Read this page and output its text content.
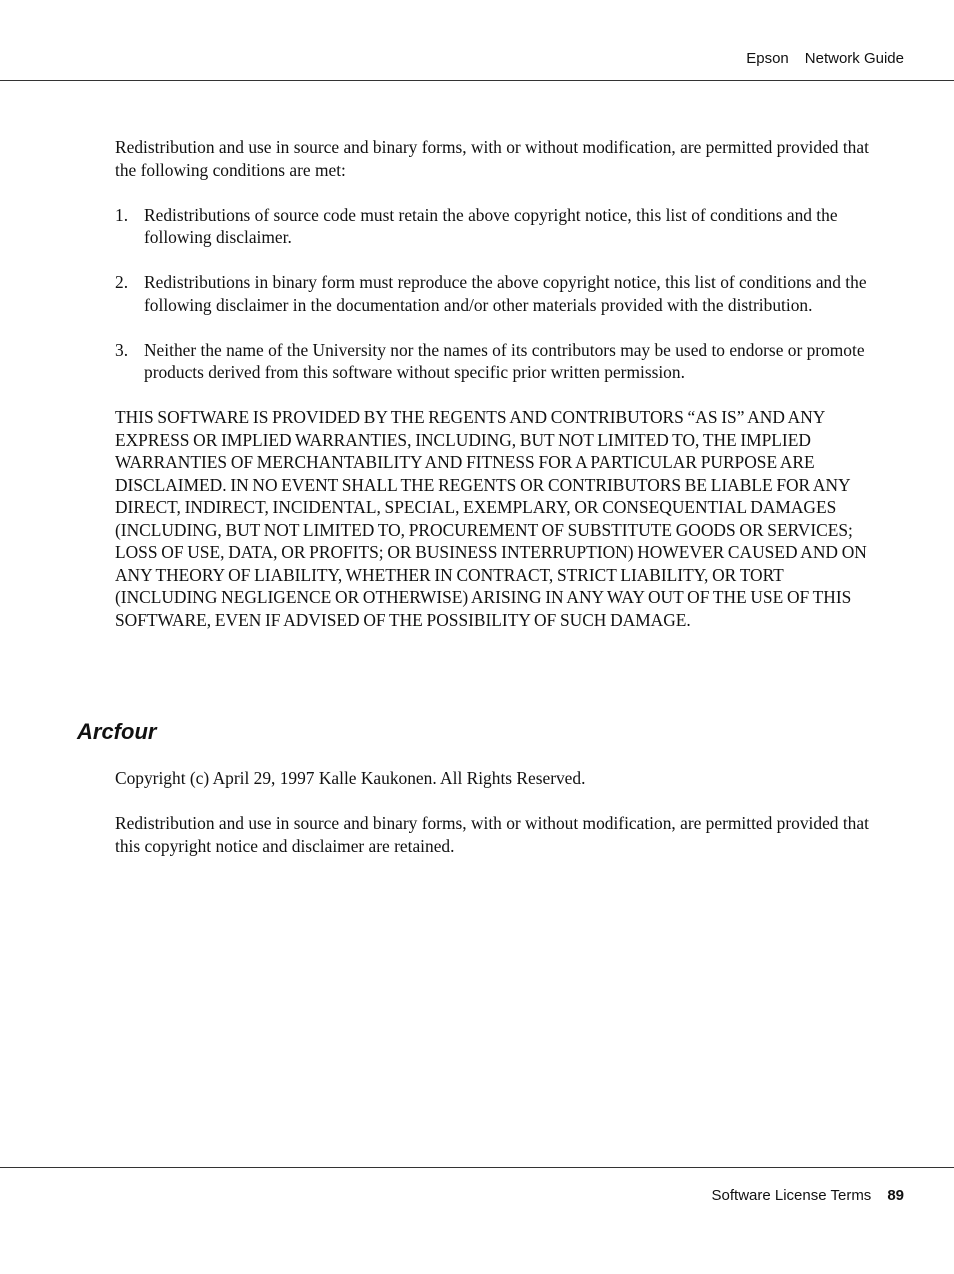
Epson Network Guide

Redistribution and use in source and binary forms, with or without modification, are permitted provided that the following conditions are met:

1. Redistributions of source code must retain the above copyright notice, this list of conditions and the following disclaimer.
2. Redistributions in binary form must reproduce the above copyright notice, this list of conditions and the following disclaimer in the documentation and/or other materials provided with the distribution.
3. Neither the name of the University nor the names of its contributors may be used to endorse or promote products derived from this software without specific prior written permission.

THIS SOFTWARE IS PROVIDED BY THE REGENTS AND CONTRIBUTORS “AS IS” AND ANY EXPRESS OR IMPLIED WARRANTIES, INCLUDING, BUT NOT LIMITED TO, THE IMPLIED WARRANTIES OF MERCHANTABILITY AND FITNESS FOR A PARTICULAR PURPOSE ARE DISCLAIMED. IN NO EVENT SHALL THE REGENTS OR CONTRIBUTORS BE LIABLE FOR ANY DIRECT, INDIRECT, INCIDENTAL, SPECIAL, EXEMPLARY, OR CONSEQUENTIAL DAMAGES (INCLUDING, BUT NOT LIMITED TO, PROCUREMENT OF SUBSTITUTE GOODS OR SERVICES; LOSS OF USE, DATA, OR PROFITS; OR BUSINESS INTERRUPTION) HOWEVER CAUSED AND ON ANY THEORY OF LIABILITY, WHETHER IN CONTRACT, STRICT LIABILITY, OR TORT (INCLUDING NEGLIGENCE OR OTHERWISE) ARISING IN ANY WAY OUT OF THE USE OF THIS SOFTWARE, EVEN IF ADVISED OF THE POSSIBILITY OF SUCH DAMAGE.

Arcfour

Copyright (c) April 29, 1997 Kalle Kaukonen. All Rights Reserved.

Redistribution and use in source and binary forms, with or without modification, are permitted provided that this copyright notice and disclaimer are retained.

Software License Terms 89
